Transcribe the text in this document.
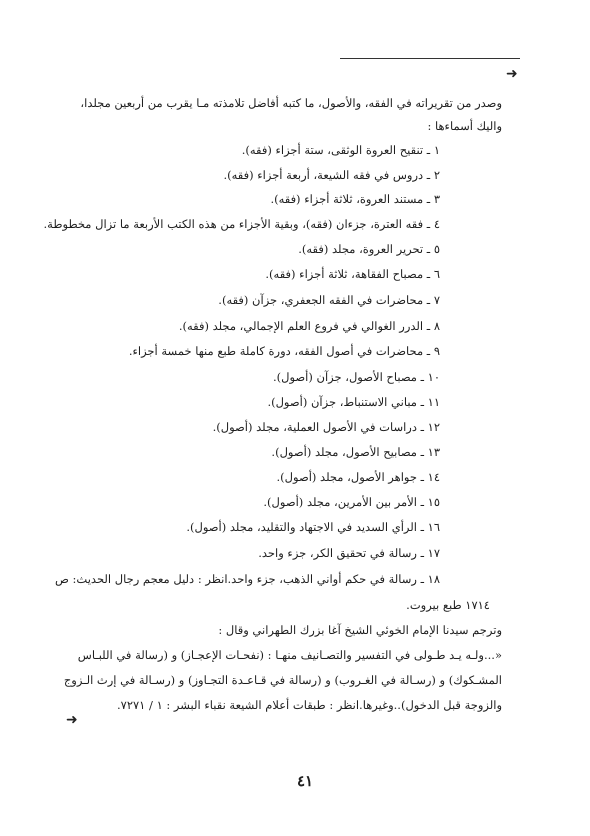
➜
وصدر من تقريراته في الفقه، والأصول، ما كتبه أفاضل تلامذته مـا يقرب من أربعين مجلدا،
واليك أسماءها :
١ ـ تنقيح العروة الوثقى، ستة أجزاء (فقه).
٢ ـ دروس في فقه الشيعة، أربعة أجزاء (فقه).
٣ ـ مستند العروة، ثلاثة أجزاء (فقه).
٤ ـ فقه العترة، جزءان (فقه)، وبقية الأجزاء من هذه الكتب الأربعة ما تزال مخطوطة.
٥ ـ تحرير العروة، مجلد (فقه).
٦ ـ مصباح الفقاهة، ثلاثة أجزاء (فقه).
٧ ـ محاضرات في الفقه الجعفري، جزآن (فقه).
٨ ـ الدرر الغوالي في فروع العلم الإجمالي، مجلد (فقه).
٩ ـ محاضرات في أصول الفقه، دورة كاملة طبع منها خمسة أجزاء.
١٠ ـ مصباح الأصول، جزآن (أصول).
١١ ـ مباني الاستنباط، جزآن (أصول).
١٢ ـ دراسات في الأصول العملية، مجلد (أصول).
١٣ ـ مصابيح الأصول، مجلد (أصول).
١٤ ـ جواهر الأصول، مجلد (أصول).
١٥ ـ الأمر بين الأمرين، مجلد (أصول).
١٦ ـ الرأي السديد في الاجتهاد والتقليد، مجلد (أصول).
١٧ ـ رسالة في تحقيق الكر، جزء واحد.
١٨ ـ رسالة في حكم أواني الذهب، جزء واحد.انظر : دليل معجم رجال الحديث: ص
١٧١٤ طبع بيروت.
وترجم سيدنا الإمام الخوئي الشيخ آغا بزرك الطهراني وقال :
«...ولـه يـد طـولى في التفسير والتصـانيف منهـا : (نفحـات الإعجـاز) و (رسالة في اللبـاس
المشـكوك) و (رسـالة في الغـروب) و (رسالة في قـاعـدة التجـاوز) و (رسـالة في إرث الـزوج
والزوجة قبل الدخول)..وغيرها.انظر : طبقات أعلام الشيعة نقباء البشر : ١ / ٧٢٧١.
➜
٤١
